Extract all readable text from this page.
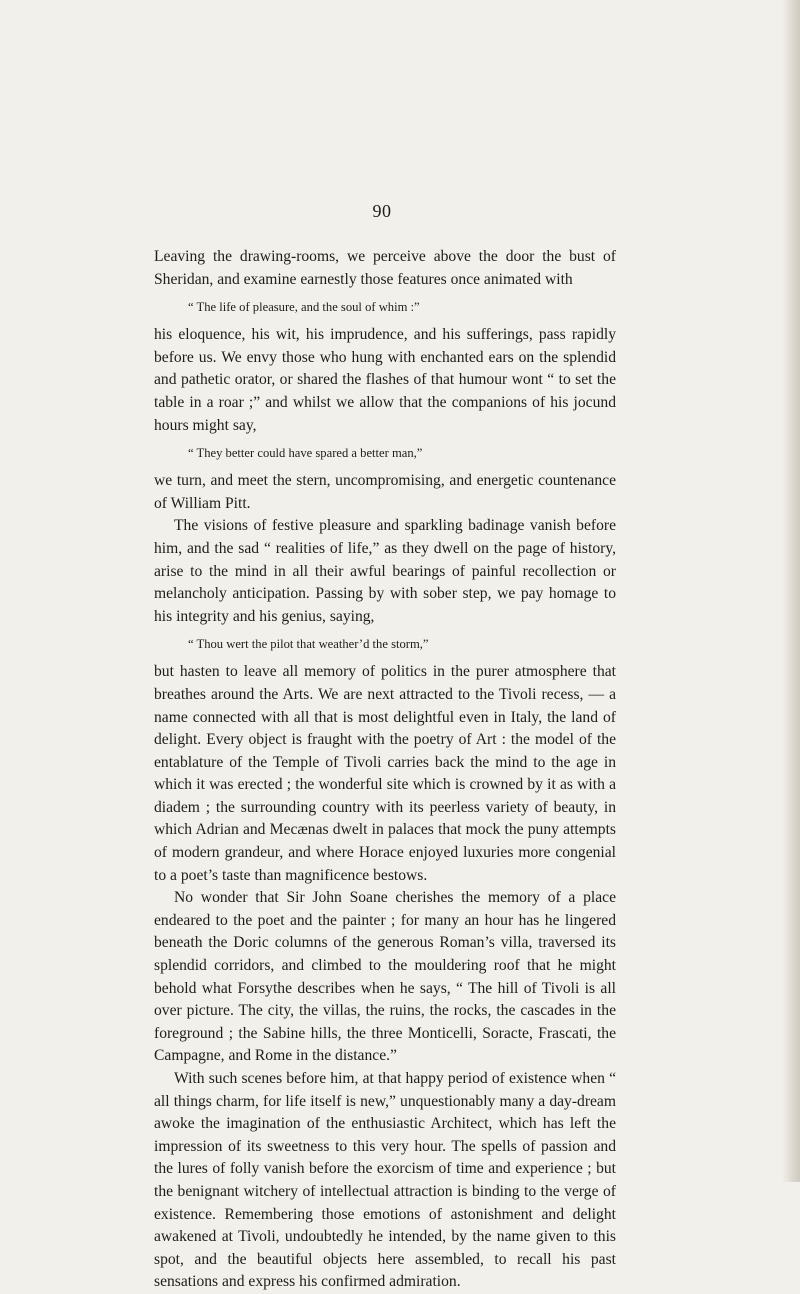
90

Leaving the drawing-rooms, we perceive above the door the bust of Sheridan, and examine earnestly those features once animated with

“ The life of pleasure, and the soul of whim :”

his eloquence, his wit, his imprudence, and his sufferings, pass rapidly before us. We envy those who hung with enchanted ears on the splendid and pathetic orator, or shared the flashes of that humour wont “ to set the table in a roar ;” and whilst we allow that the companions of his jocund hours might say,

“ They better could have spared a better man,”

we turn, and meet the stern, uncompromising, and energetic countenance of William Pitt.

The visions of festive pleasure and sparkling badinage vanish before him, and the sad “ realities of life,” as they dwell on the page of history, arise to the mind in all their awful bearings of painful recollection or melancholy anticipation. Passing by with sober step, we pay homage to his integrity and his genius, saying,

“ Thou wert the pilot that weather’d the storm,”

but hasten to leave all memory of politics in the purer atmosphere that breathes around the Arts. We are next attracted to the Tivoli recess, — a name connected with all that is most delightful even in Italy, the land of delight. Every object is fraught with the poetry of Art : the model of the entablature of the Temple of Tivoli carries back the mind to the age in which it was erected ; the wonderful site which is crowned by it as with a diadem ; the surrounding country with its peerless variety of beauty, in which Adrian and Mecænas dwelt in palaces that mock the puny attempts of modern grandeur, and where Horace enjoyed luxuries more congenial to a poet’s taste than magnificence bestows.

No wonder that Sir John Soane cherishes the memory of a place endeared to the poet and the painter ; for many an hour has he lingered beneath the Doric columns of the generous Roman’s villa, traversed its splendid corridors, and climbed to the mouldering roof that he might behold what Forsythe describes when he says, “ The hill of Tivoli is all over picture. The city, the villas, the ruins, the rocks, the cascades in the foreground ; the Sabine hills, the three Monticelli, Soracte, Frascati, the Campagne, and Rome in the distance.”

With such scenes before him, at that happy period of existence when “ all things charm, for life itself is new,” unquestionably many a day-dream awoke the imagination of the enthusiastic Architect, which has left the impression of its sweetness to this very hour. The spells of passion and the lures of folly vanish before the exorcism of time and experience ; but the benignant witchery of intellectual attraction is binding to the verge of existence. Remembering those emotions of astonishment and delight awakened at Tivoli, undoubtedly he intended, by the name given to this spot, and the beautiful objects here assembled, to recall his past sensations and express his confirmed admiration.
